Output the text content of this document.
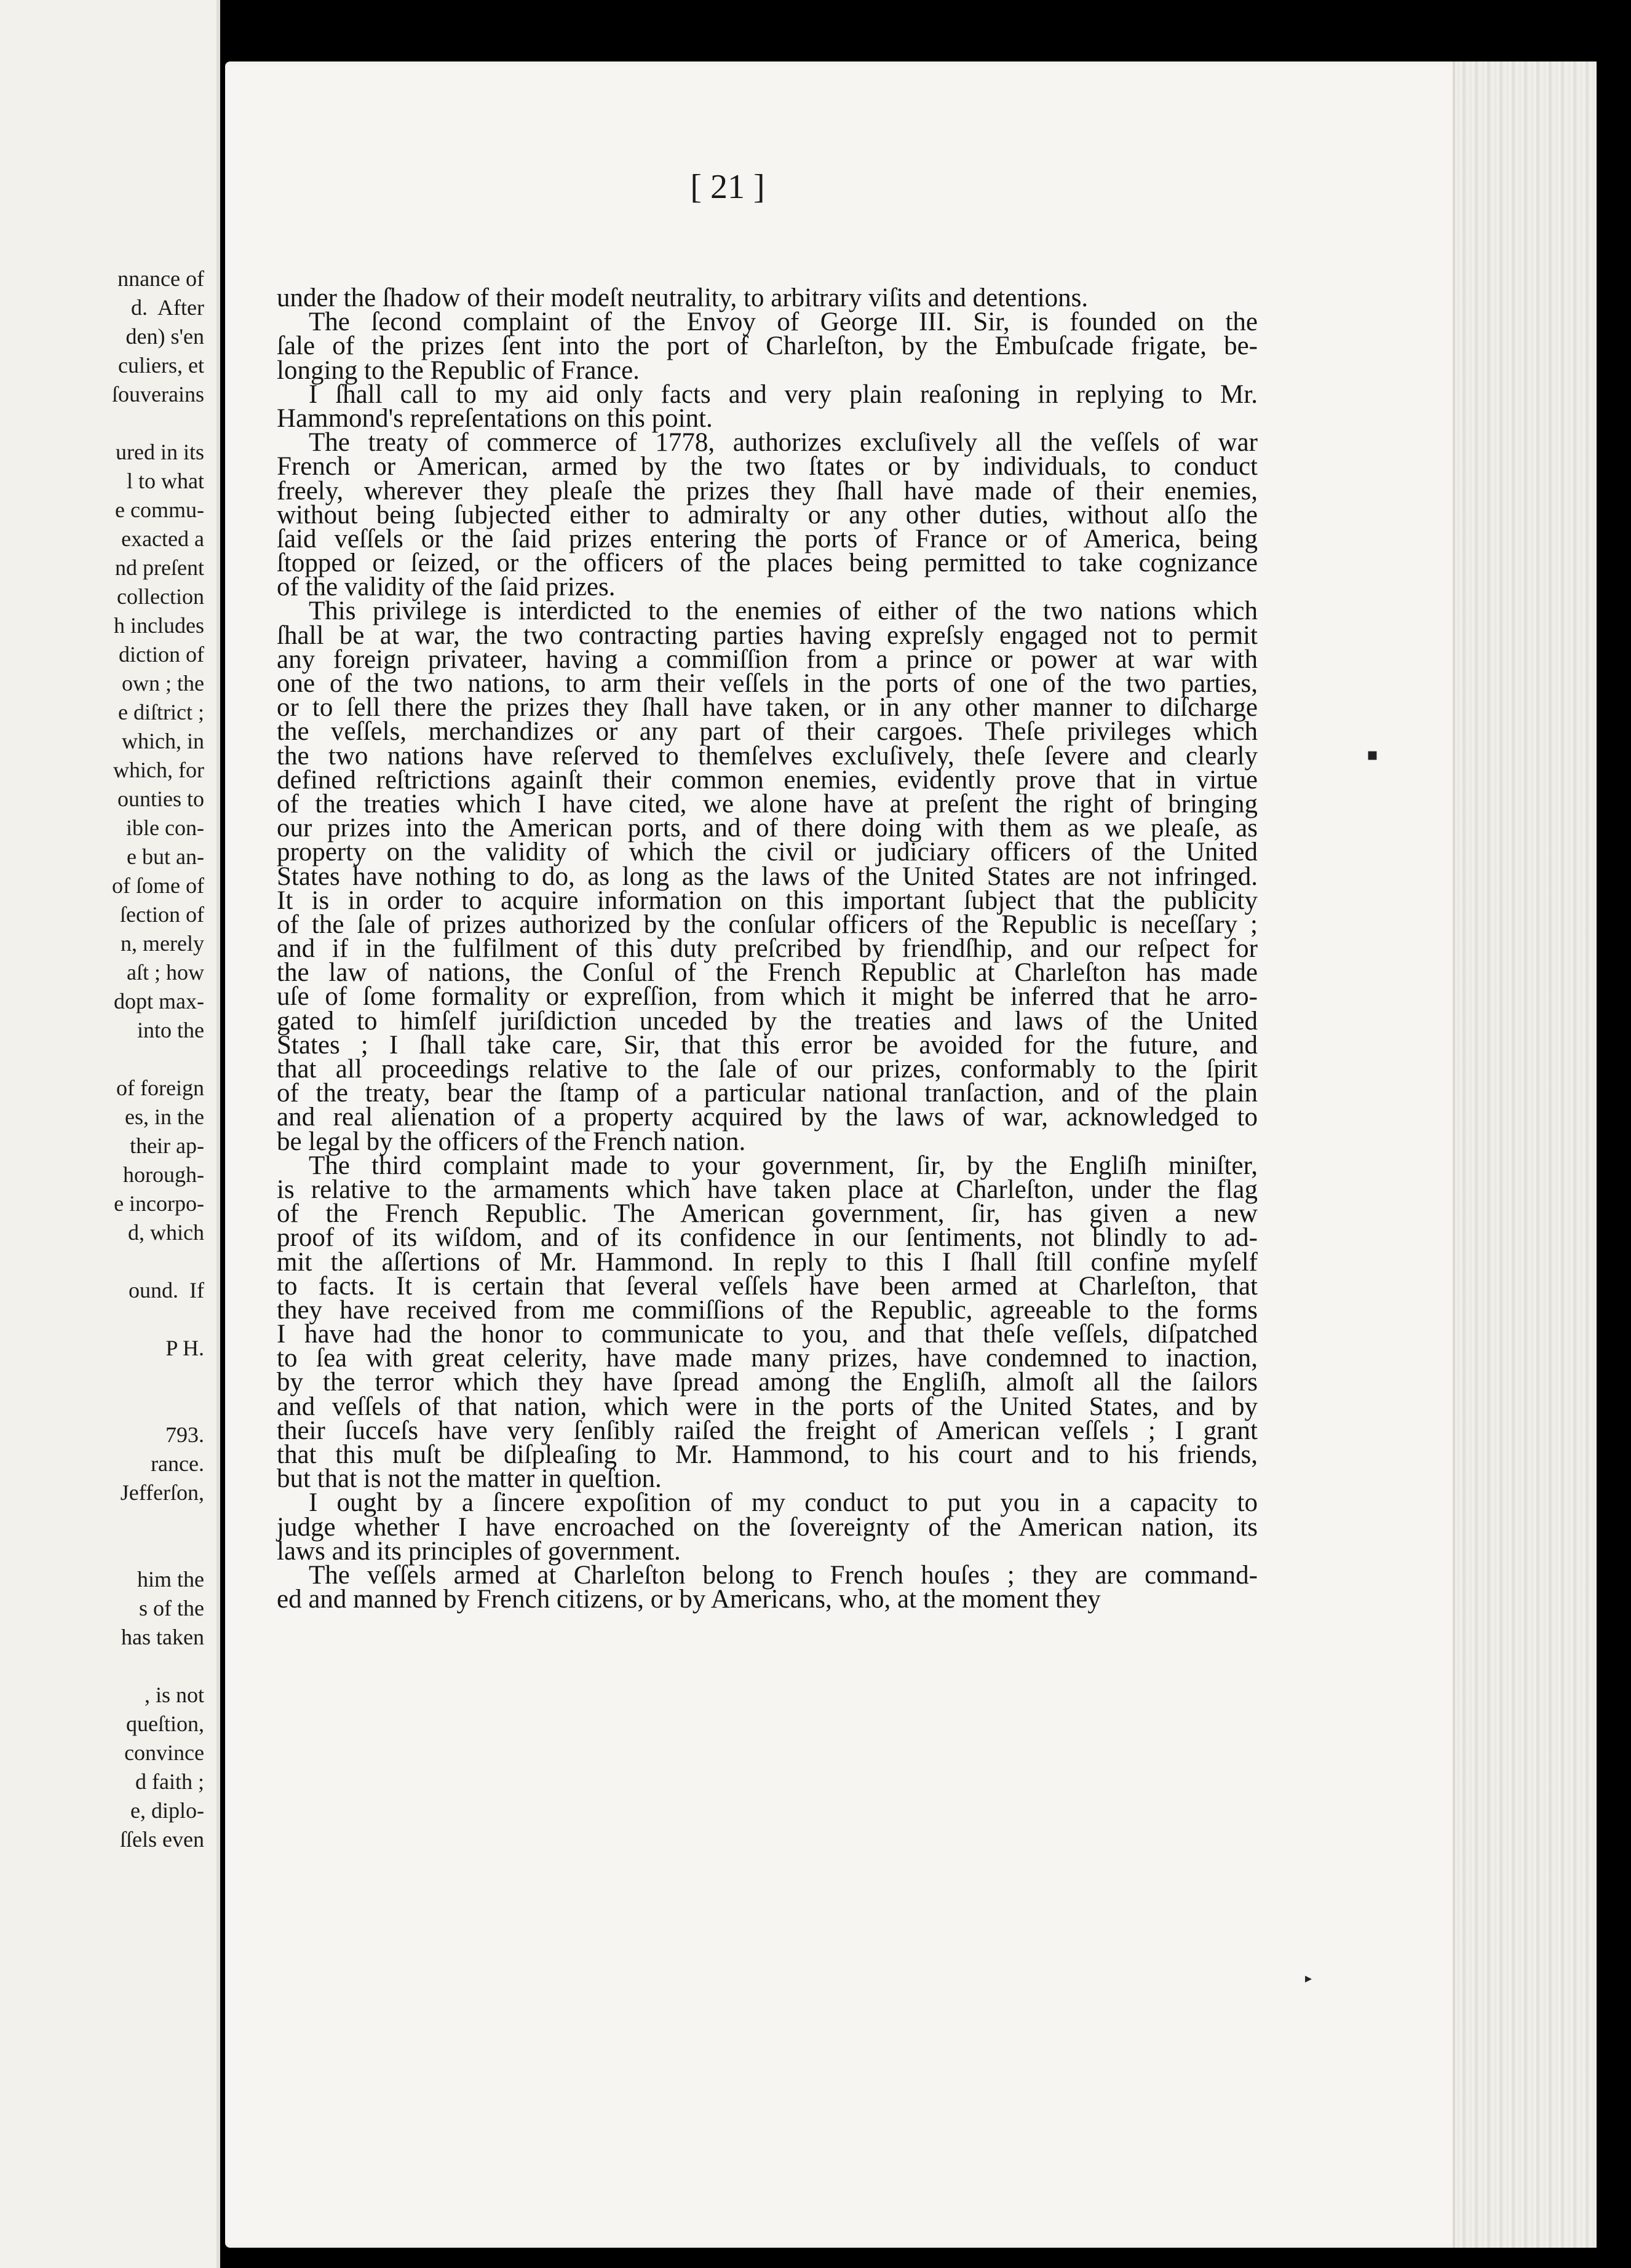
nnance of
d.  After
den) s'en
culiers, et
ſouverains
ured in its
l to what
e commu-
exacted a
nd preſent
collection
h includes
diction of
own ; the
e diſtrict ;
which, in
which, for
ounties to
ible con-
e but an-
of ſome of
ſection of
n, merely
aſt ; how
dopt max-
into the
of foreign
es, in the
their ap-
horough-
e incorpo-
d, which
ound.  If
P H.
793.
rance.
Jefferſon,
him the
s of the
has taken
, is not
queſtion,
convince
d faith ;
e, diplo-
ſſels even
[ 21 ]
under the ſhadow of their modeſt neutrality, to arbitrary viſits and detentions.
The ſecond complaint of the Envoy of George III. Sir, is founded on the
ſale of the prizes ſent into the port of Charleſton, by the Embuſcade frigate, be-
longing to the Republic of France.
I ſhall call to my aid only facts and very plain reaſoning in replying to Mr.
Hammond's repreſentations on this point.
The treaty of commerce of 1778, authorizes excluſively all the veſſels of war
French or American, armed by the two ſtates or by individuals, to conduct
freely, wherever they pleaſe the prizes they ſhall have made of their enemies,
without being ſubjected either to admiralty or any other duties, without alſo the
ſaid veſſels or the ſaid prizes entering the ports of France or of America, being
ſtopped or ſeized, or the officers of the places being permitted to take cognizance
of the validity of the ſaid prizes.
This privilege is interdicted to the enemies of either of the two nations which
ſhall be at war, the two contracting parties having expreſsly engaged not to permit
any foreign privateer, having a commiſſion from a prince or power at war with
one of the two nations, to arm their veſſels in the ports of one of the two parties,
or to ſell there the prizes they ſhall have taken, or in any other manner to diſcharge
the veſſels, merchandizes or any part of their cargoes. Theſe privileges which
the two nations have reſerved to themſelves excluſively, theſe ſevere and clearly
defined reſtrictions againſt their common enemies, evidently prove that in virtue
of the treaties which I have cited, we alone have at preſent the right of bringing
our prizes into the American ports, and of there doing with them as we pleaſe, as
property on the validity of which the civil or judiciary officers of the United
States have nothing to do, as long as the laws of the United States are not infringed.
It is in order to acquire information on this important ſubject that the publicity
of the ſale of prizes authorized by the conſular officers of the Republic is neceſſary ;
and if in the fulfilment of this duty preſcribed by friendſhip, and our reſpect for
the law of nations, the Conſul of the French Republic at Charleſton has made
uſe of ſome formality or expreſſion, from which it might be inferred that he arro-
gated to himſelf juriſdiction unceded by the treaties and laws of the United
States ; I ſhall take care, Sir, that this error be avoided for the future, and
that all proceedings relative to the ſale of our prizes, conformably to the ſpirit
of the treaty, bear the ſtamp of a particular national tranſaction, and of the plain
and real alienation of a property acquired by the laws of war, acknowledged to
be legal by the officers of the French nation.
The third complaint made to your government, ſir, by the Engliſh miniſter,
is relative to the armaments which have taken place at Charleſton, under the flag
of the French Republic. The American government, ſir, has given a new
proof of its wiſdom, and of its confidence in our ſentiments, not blindly to ad-
mit the aſſertions of Mr. Hammond. In reply to this I ſhall ſtill confine myſelf
to facts. It is certain that ſeveral veſſels have been armed at Charleſton, that
they have received from me commiſſions of the Republic, agreeable to the forms
I have had the honor to communicate to you, and that theſe veſſels, diſpatched
to ſea with great celerity, have made many prizes, have condemned to inaction,
by the terror which they have ſpread among the Engliſh, almoſt all the ſailors
and veſſels of that nation, which were in the ports of the United States, and by
their ſucceſs have very ſenſibly raiſed the freight of American veſſels ; I grant
that this muſt be diſpleaſing to Mr. Hammond, to his court and to his friends,
but that is not the matter in queſtion.
I ought by a ſincere expoſition of my conduct to put you in a capacity to
judge whether I have encroached on the ſovereignty of the American nation, its
laws and its principles of government.
The veſſels armed at Charleſton belong to French houſes ; they are command-
ed and manned by French citizens, or by Americans, who, at the moment they
▪
▸
